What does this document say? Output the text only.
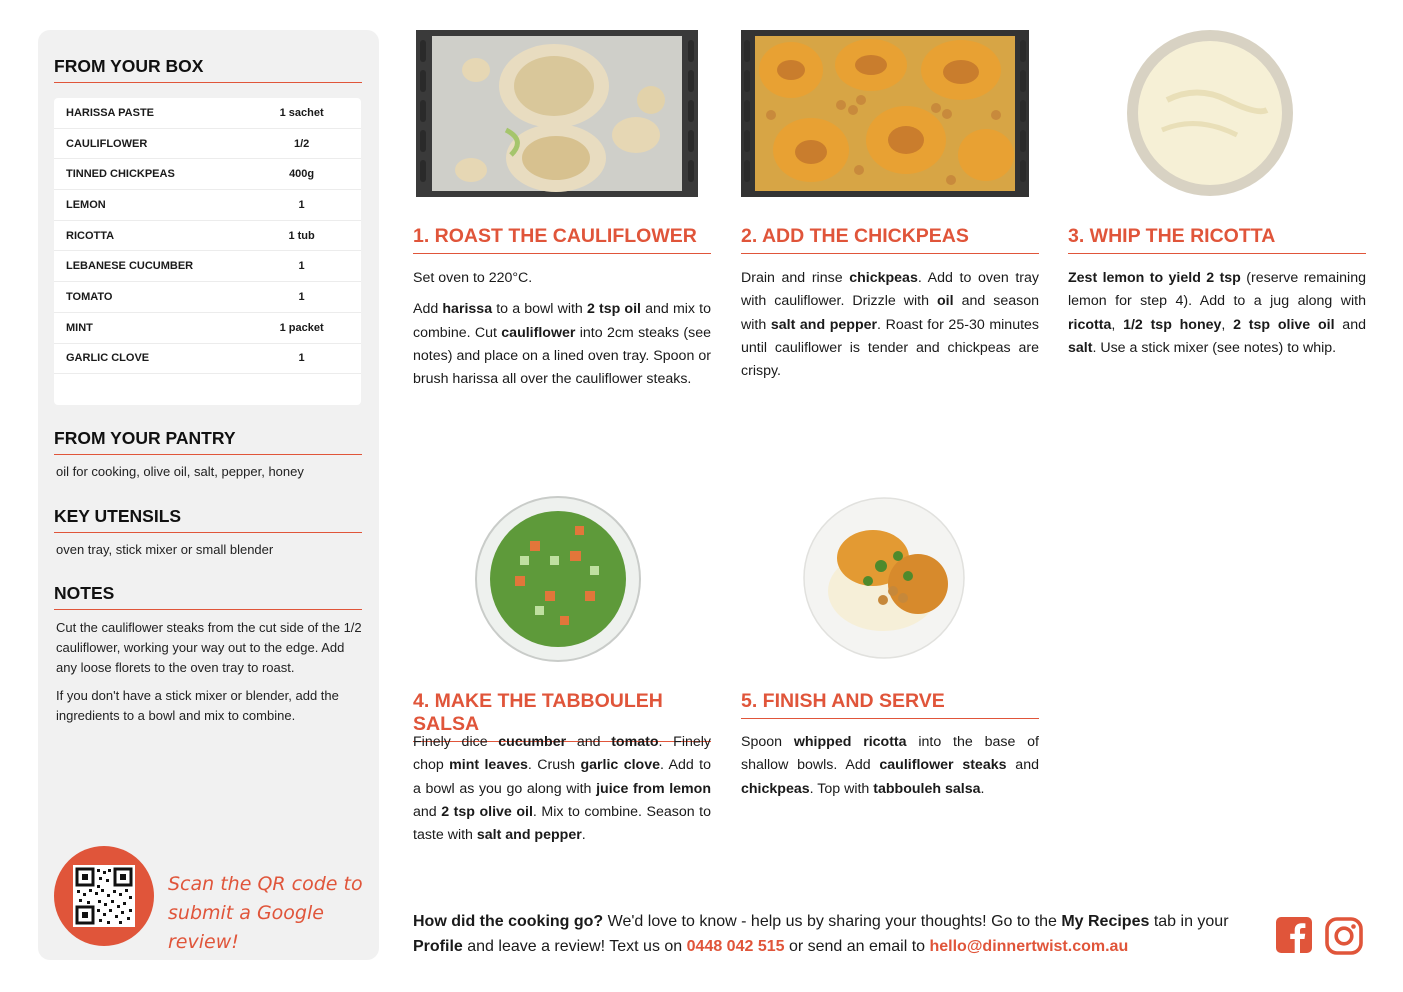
FROM YOUR BOX
HARISSA PASTE	1 sachet
CAULIFLOWER	1/2
TINNED CHICKPEAS	400g
LEMON	1
RICOTTA	1 tub
LEBANESE CUCUMBER	1
TOMATO	1
MINT	1 packet
GARLIC CLOVE	1
FROM YOUR PANTRY
oil for cooking, olive oil, salt, pepper, honey
KEY UTENSILS
oven tray, stick mixer or small blender
NOTES
Cut the cauliflower steaks from the cut side of the 1/2 cauliflower, working your way out to the edge. Add any loose florets to the oven tray to roast.
If you don't have a stick mixer or blender, add the ingredients to a bowl and mix to combine.
Scan the QR code to
submit a Google review!
1. ROAST THE CAULIFLOWER

Set oven to 220°C.

Add harissa to a bowl with 2 tsp oil and mix to combine. Cut cauliflower into 2cm steaks (see notes) and place on a lined oven tray. Spoon or brush harissa all over the cauliflower steaks.

2. ADD THE CHICKPEAS

Drain and rinse chickpeas. Add to oven tray with cauliflower. Drizzle with oil and season with salt and pepper. Roast for 25-30 minutes until cauliflower is tender and chickpeas are crispy.

3. WHIP THE RICOTTA

Zest lemon to yield 2 tsp (reserve remaining lemon for step 4). Add to a jug along with ricotta, 1/2 tsp honey, 2 tsp olive oil and salt. Use a stick mixer (see notes) to whip.

4. MAKE THE TABBOULEH SALSA

Finely dice cucumber and tomato. Finely chop mint leaves. Crush garlic clove. Add to a bowl as you go along with juice from lemon and 2 tsp olive oil. Mix to combine. Season to taste with salt and pepper.

5. FINISH AND SERVE

Spoon whipped ricotta into the base of shallow bowls. Add cauliflower steaks and chickpeas. Top with tabbouleh salsa.

How did the cooking go? We'd love to know - help us by sharing your thoughts! Go to the My Recipes tab in your Profile and leave a review! Text us on 0448 042 515 or send an email to hello@dinnertwist.com.au
